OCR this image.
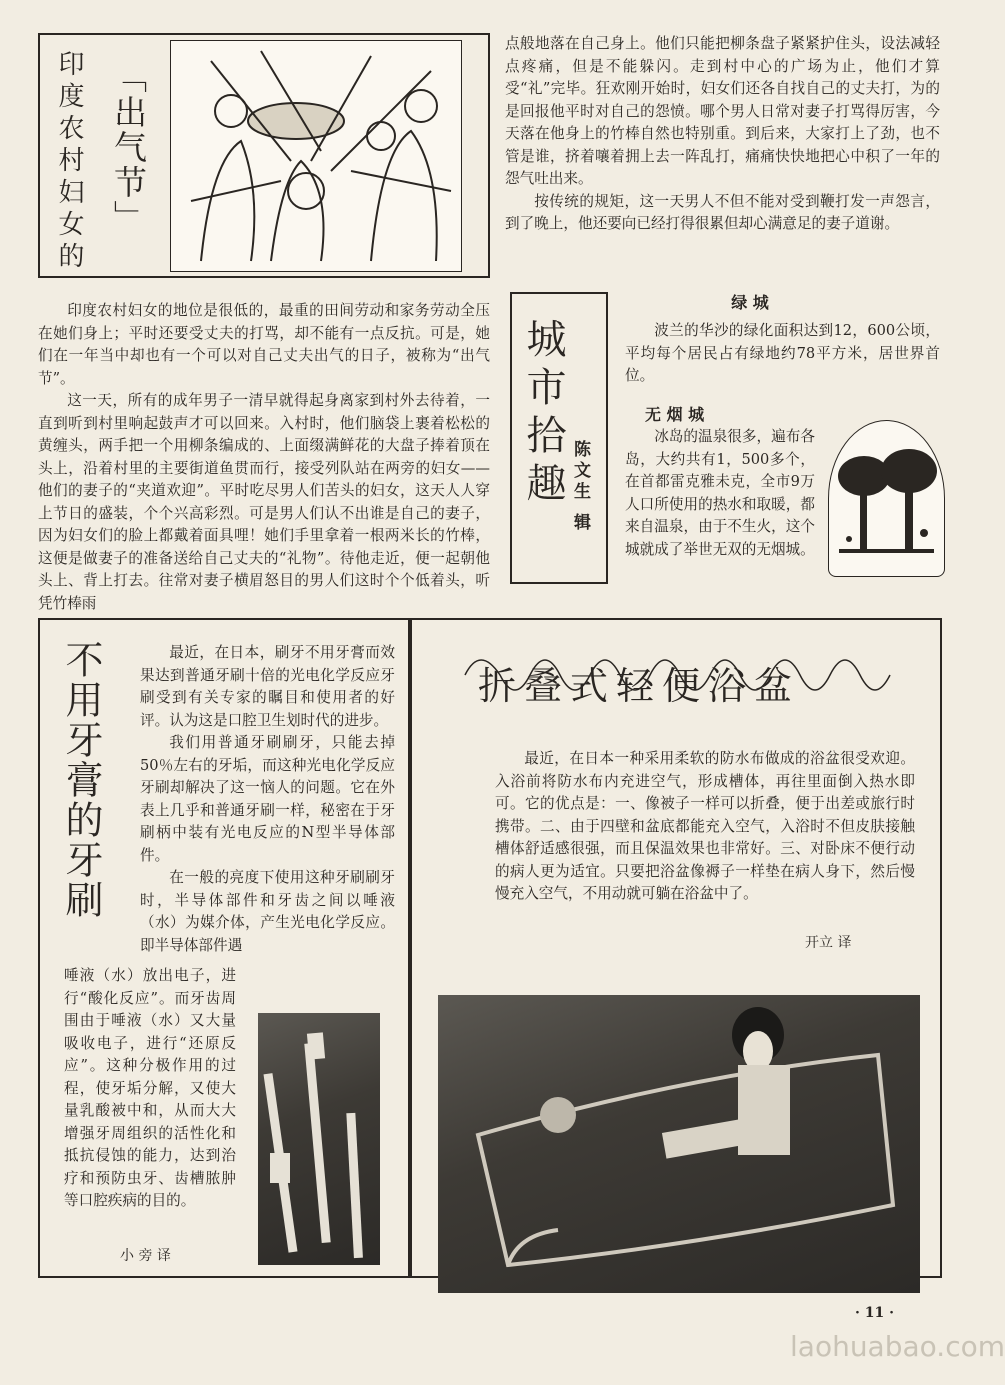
印度农村妇女的 「出气节」

点般地落在自己身上。他们只能把柳条盘子紧紧护住头，设法减轻点疼痛，但是不能躲闪。走到村中心的广场为止，他们才算受“礼”完毕。狂欢刚开始时，妇女们还各自找自己的丈夫打，为的是回报他平时对自己的怨愤。哪个男人日常对妻子打骂得厉害，今天落在他身上的竹棒自然也特别重。到后来，大家打上了劲，也不管是谁，挤着嚷着拥上去一阵乱打，痛痛快快地把心中积了一年的怨气吐出来。

按传统的规矩，这一天男人不但不能对受到鞭打发一声怨言，到了晚上，他还要向已经打得很累但却心满意足的妻子道谢。

印度农村妇女的地位是很低的，最重的田间劳动和家务劳动全压在她们身上；平时还要受丈夫的打骂，却不能有一点反抗。可是，她们在一年当中却也有一个可以对自己丈夫出气的日子，被称为“出气节”。

这一天，所有的成年男子一清早就得起身离家到村外去待着，一直到听到村里响起鼓声才可以回来。入村时，他们脑袋上裹着松松的黄缠头，两手把一个用柳条编成的、上面缀满鲜花的大盘子捧着顶在头上，沿着村里的主要街道鱼贯而行，接受列队站在两旁的妇女——他们的妻子的“夹道欢迎”。平时吃尽男人们苦头的妇女，这天人人穿上节日的盛装，个个兴高彩烈。可是男人们认不出谁是自己的妻子，因为妇女们的脸上都戴着面具哩！她们手里拿着一根两米长的竹棒，这便是做妻子的准备送给自己丈夫的“礼物”。待他走近，便一起朝他头上、背上打去。往常对妻子横眉怒目的男人们这时个个低着头，听凭竹棒雨

城市拾趣 陈文生 辑
绿 城

波兰的华沙的绿化面积达到12，600公顷，平均每个居民占有绿地约78平方米，居世界首位。

无 烟 城

冰岛的温泉很多，遍布各岛，大约共有1，500多个，在首都雷克雅未克，全市9万人口所使用的热水和取暖，都来自温泉，由于不生火，这个城就成了举世无双的无烟城。

不用牙膏的牙刷	最近，在日本，刷牙不用牙膏而效果达到普通牙刷十倍的光电化学反应牙刷受到有关专家的瞩目和使用者的好评。认为这是口腔卫生划时代的进步。

我们用普通牙刷刷牙，只能去掉50％左右的牙垢，而这种光电化学反应牙刷却解决了这一恼人的问题。它在外表上几乎和普通牙刷一样，秘密在于牙刷柄中装有光电反应的N型半导体部件。

在一般的亮度下使用这种牙刷刷牙时，半导体部件和牙齿之间以唾液（水）为媒介体，产生光电化学反应。即半导体部件遇

唾液（水）放出电子，进行“酸化反应”。而牙齿周围由于唾液（水）又大量吸收电子，进行“还原反应”。这种分极作用的过程，使牙垢分解，又使大量乳酸被中和，从而大大增强牙周组织的活性化和抵抗侵蚀的能力，达到治疗和预防虫牙、齿槽脓肿等口腔疾病的目的。

小 旁 译
折叠式轻便浴盆

最近，在日本一种采用柔软的防水布做成的浴盆很受欢迎。入浴前将防水布内充进空气，形成槽体，再往里面倒入热水即可。它的优点是：一、像被子一样可以折叠，便于出差或旅行时携带。二、由于四壁和盆底都能充入空气，入浴时不但皮肤接触槽体舒适感很强，而且保温效果也非常好。三、对卧床不便行动的病人更为适宜。只要把浴盆像褥子一样垫在病人身下，然后慢慢充入空气，不用动就可躺在浴盆中了。

开立 译
· 11 ·
laohuabao.com
